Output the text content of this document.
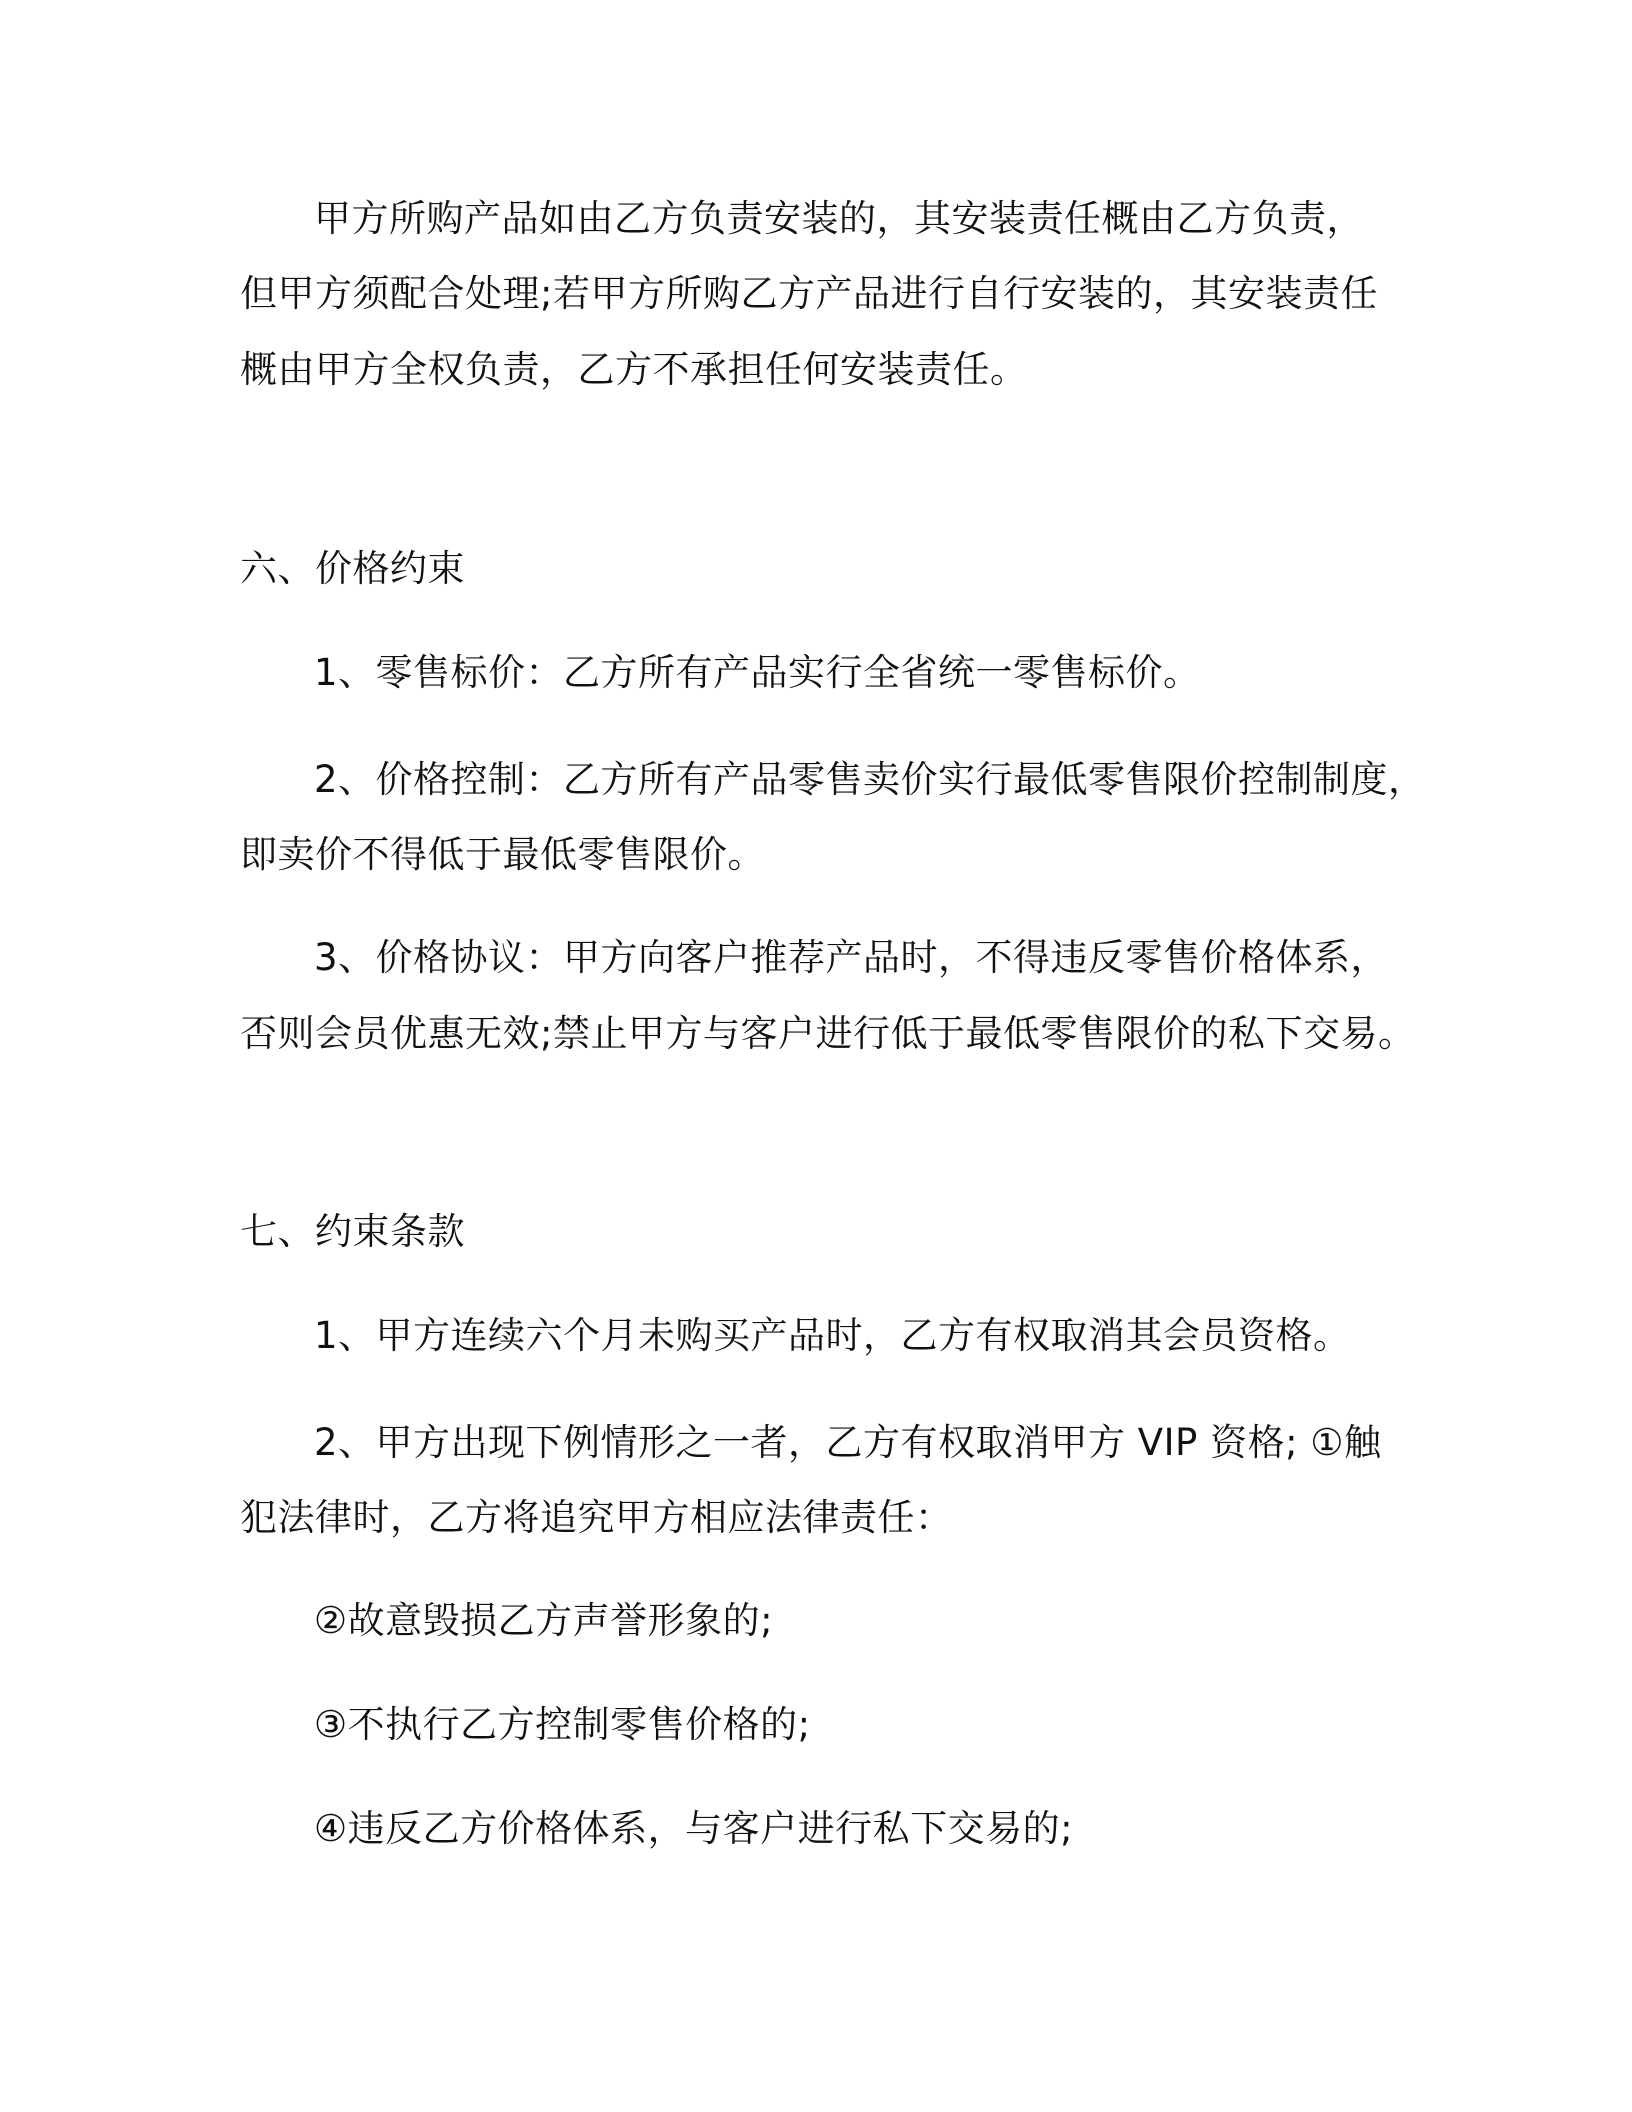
甲方所购产品如由乙方负责安装的，其安装责任概由乙方负责，
但甲方须配合处理;若甲方所购乙方产品进行自行安装的，其安装责任
概由甲方全权负责，乙方不承担任何安装责任。
六、价格约束
1、零售标价：乙方所有产品实行全省统一零售标价。
2、价格控制：乙方所有产品零售卖价实行最低零售限价控制制度，
即卖价不得低于最低零售限价。
3、价格协议：甲方向客户推荐产品时，不得违反零售价格体系，
否则会员优惠无效;禁止甲方与客户进行低于最低零售限价的私下交易。
七、约束条款
1、甲方连续六个月未购买产品时，乙方有权取消其会员资格。
2、甲方出现下例情形之一者，乙方有权取消甲方 VIP 资格; ①触
犯法律时，乙方将追究甲方相应法律责任：
②故意毁损乙方声誉形象的;
③不执行乙方控制零售价格的;
④违反乙方价格体系，与客户进行私下交易的;
